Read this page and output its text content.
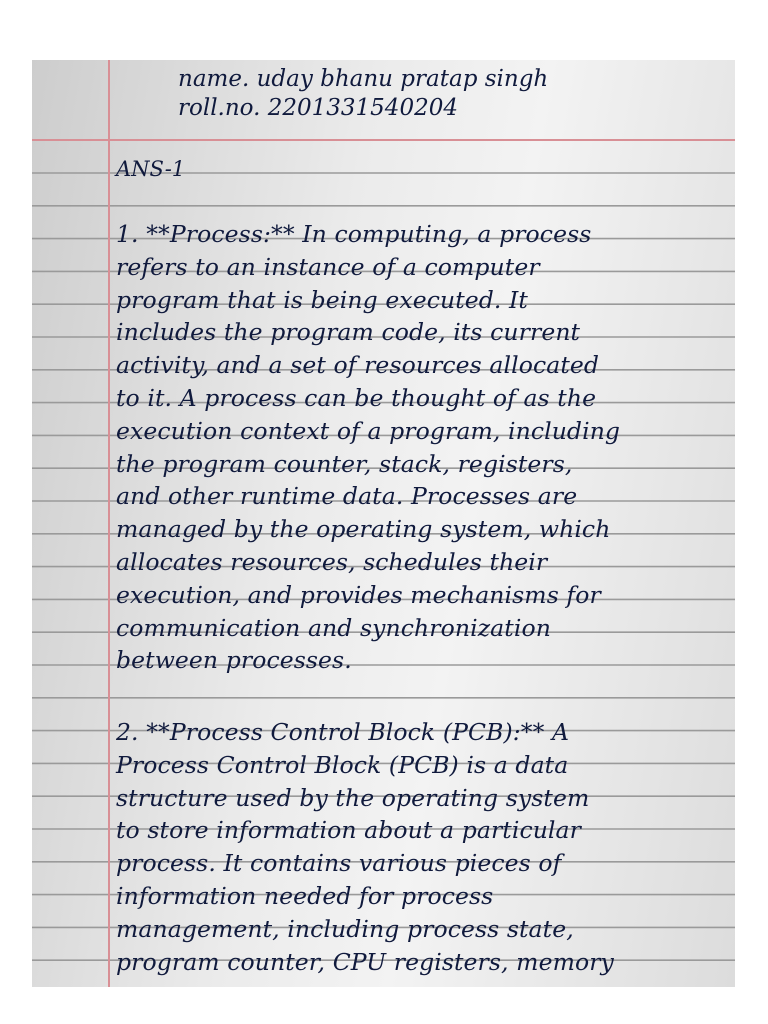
name. uday bhanu pratap singh
roll.no. 2201331540204
ANS-1
1. **Process:** In computing, a process
refers to an instance of a computer
program that is being executed. It
includes the program code, its current
activity, and a set of resources allocated
to it. A process can be thought of as the
execution context of a program, including
the program counter, stack, registers,
and other runtime data. Processes are
managed by the operating system, which
allocates resources, schedules their
execution, and provides mechanisms for
communication and synchronization
between processes.
2. **Process Control Block (PCB):** A
Process Control Block (PCB) is a data
structure used by the operating system
to store information about a particular
process. It contains various pieces of
information needed for process
management, including process state,
program counter, CPU registers, memory
